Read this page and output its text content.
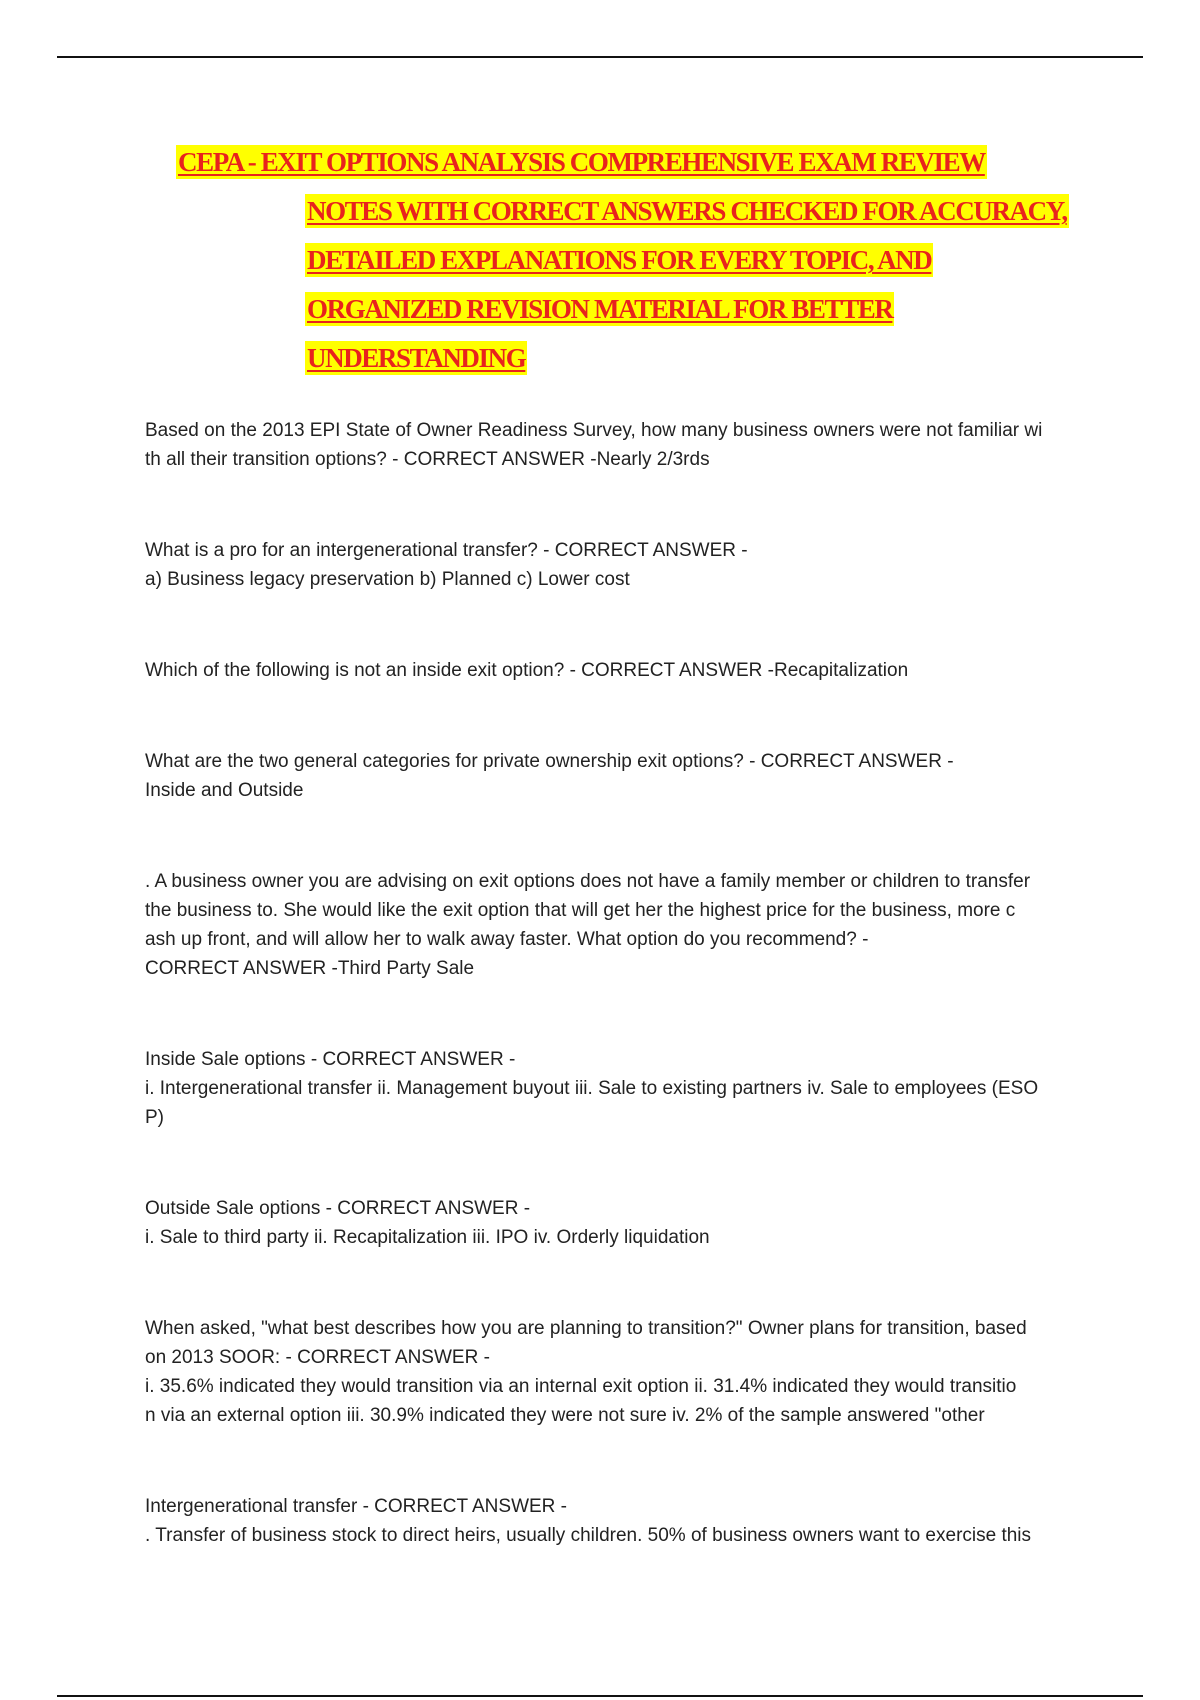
CEPA - EXIT OPTIONS ANALYSIS COMPREHENSIVE EXAM REVIEW
NOTES WITH CORRECT ANSWERS CHECKED FOR ACCURACY,
DETAILED EXPLANATIONS FOR EVERY TOPIC, AND
ORGANIZED REVISION MATERIAL FOR BETTER
UNDERSTANDING
Based on the 2013 EPI State of Owner Readiness Survey, how many business owners were not familiar wi
th all their transition options? - CORRECT ANSWER -Nearly 2/3rds
What is a pro for an intergenerational transfer? - CORRECT ANSWER -
a) Business legacy preservation b) Planned c) Lower cost
Which of the following is not an inside exit option? - CORRECT ANSWER -Recapitalization
What are the two general categories for private ownership exit options? - CORRECT ANSWER -
Inside and Outside
. A business owner you are advising on exit options does not have a family member or children to transfer
the business to. She would like the exit option that will get her the highest price for the business, more c
ash up front, and will allow her to walk away faster. What option do you recommend? -
CORRECT ANSWER -Third Party Sale
Inside Sale options - CORRECT ANSWER -
i. Intergenerational transfer ii. Management buyout iii. Sale to existing partners iv. Sale to employees (ESO
P)
Outside Sale options - CORRECT ANSWER -
i. Sale to third party ii. Recapitalization iii. IPO iv. Orderly liquidation
When asked, "what best describes how you are planning to transition?" Owner plans for transition, based
on 2013 SOOR: - CORRECT ANSWER -
i. 35.6% indicated they would transition via an internal exit option ii. 31.4% indicated they would transitio
n via an external option iii. 30.9% indicated they were not sure iv. 2% of the sample answered "other
Intergenerational transfer - CORRECT ANSWER -
. Transfer of business stock to direct heirs, usually children. 50% of business owners want to exercise this
